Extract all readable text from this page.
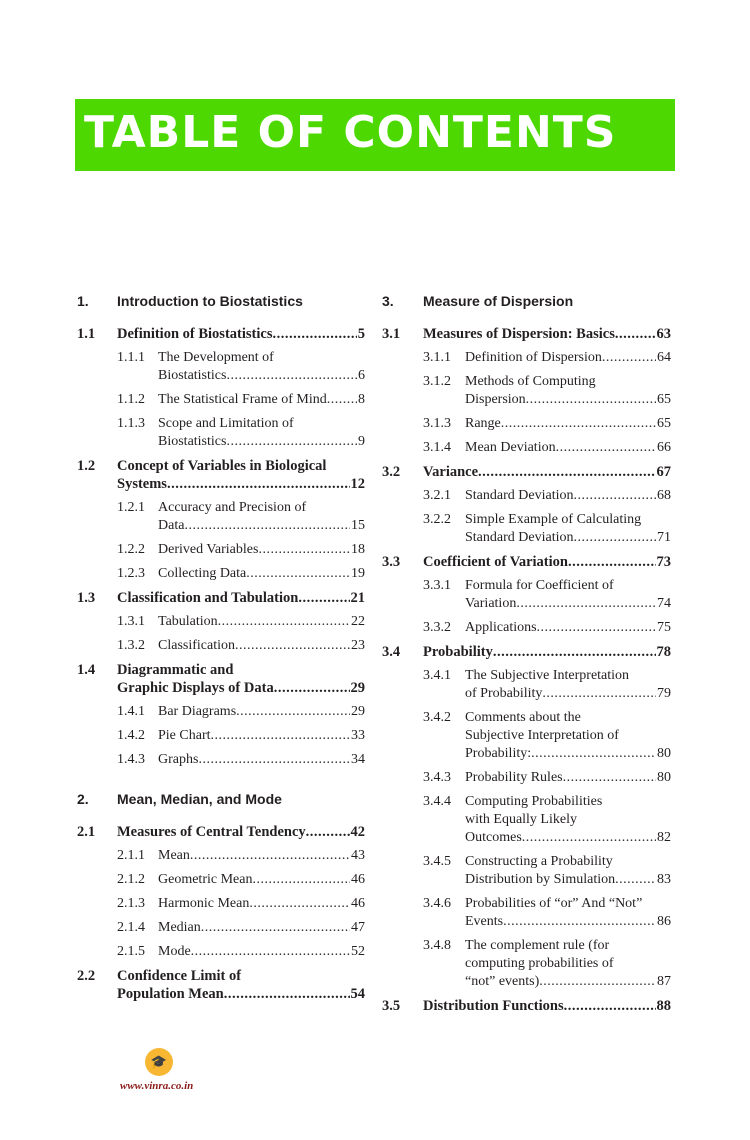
TABLE OF CONTENTS
🎓
www.vinra.co.in
1. Introduction to Biostatistics
1.1 Definition of Biostatistics .....	5
1.1.1 The Development of
Biostatistics .....	6
1.1.2 The Statistical Frame of Mind ..... 8
1.1.3 Scope and Limitation of
Biostatistics .....	9
1.2 Concept of Variables in Biological
Systems .....	12
1.2.1 Accuracy and Precision of
Data .....	15
1.2.2 Derived Variables .....	18
1.2.3 Collecting Data .....	19
1.3 Classification and Tabulation .....	21
1.3.1 Tabulation .....	22
1.3.2 Classification .....	23
1.4 Diagrammatic and
Graphic Displays of Data .....	29
1.4.1 Bar Diagrams .....	29
1.4.2 Pie Chart .....	33
1.4.3 Graphs .....	34
2. Mean, Median, and Mode
2.1 Measures of Central Tendency .....	42
2.1.1 Mean .....	43
2.1.2 Geometric Mean .....	46
2.1.3 Harmonic Mean .....	46
2.1.4 Median .....	47
2.1.5 Mode .....	52
2.2 Confidence Limit of
Population Mean .....	54
3. Measure of Dispersion
3.1 Measures of Dispersion: Basics .....	63
3.1.1 Definition of Dispersion .....	64
3.1.2 Methods of Computing
Dispersion .....	65
3.1.3 Range .....	65
3.1.4 Mean Deviation .....	66
3.2 Variance .....	67
3.2.1 Standard Deviation .....	68
3.2.2 Simple Example of Calculating
Standard Deviation .....	71
3.3 Coefficient of Variation .....	73
3.3.1 Formula for Coefficient of
Variation .....	74
3.3.2 Applications .....	75
3.4 Probability .....	78
3.4.1 The Subjective Interpretation
of Probability .....	79
3.4.2 Comments about the
Subjective Interpretation of
Probability: .....	80
3.4.3 Probability Rules .....	80
3.4.4 Computing Probabilities
with Equally Likely
Outcomes .....	82
3.4.5 Constructing a Probability
Distribution by Simulation .....	83
3.4.6 Probabilities of “or” And “Not”
Events .....	86
3.4.8 The complement rule (for
computing probabilities of
“not” events) .....	87
3.5 Distribution Functions .....	88
